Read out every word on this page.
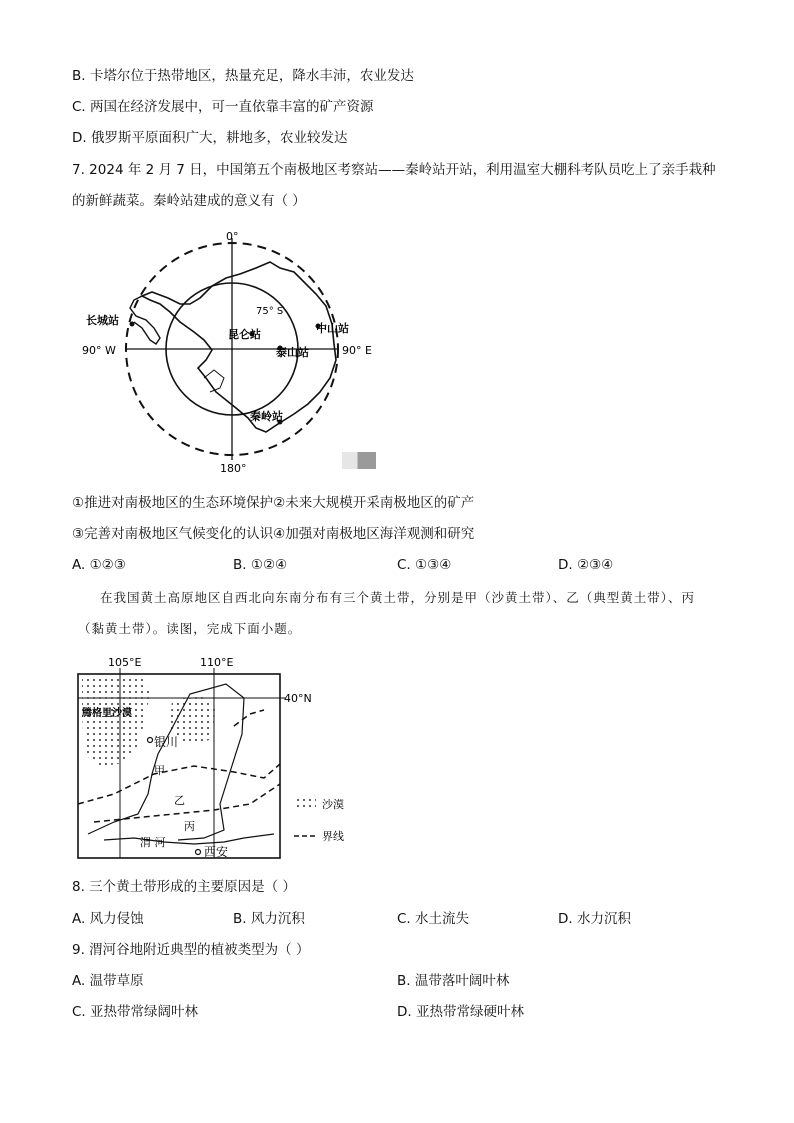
B. 卡塔尔位于热带地区，热量充足，降水丰沛，农业发达
C. 两国在经济发展中，可一直依靠丰富的矿产资源
D. 俄罗斯平原面积广大，耕地多，农业较发达
7. 2024 年 2 月 7 日，中国第五个南极地区考察站——秦岭站开站，利用温室大棚科考队员吃上了亲手栽种
的新鲜蔬菜。秦岭站建成的意义有（ ）
0°
180°
90° W	90° E
75° S
长城站
中山站
昆仑站
泰山站
秦岭站
①推进对南极地区的生态环境保护②未来大规模开采南极地区的矿产
③完善对南极地区气候变化的认识④加强对南极地区海洋观测和研究
A. ①②③	B. ①②④	C. ①③④	D. ②③④
在我国黄土高原地区自西北向东南分布有三个黄土带，分别是甲（沙黄土带）、乙（典型黄土带）、丙
（黏黄土带）。读图，完成下面小题。
105°E	110°E
40°N
腾格里沙漠
银川
甲
乙
丙
渭 河
西安
沙漠
界线
8. 三个黄土带形成的主要原因是（ ）
A. 风力侵蚀	B. 风力沉积	C. 水土流失	D. 水力沉积
9. 渭河谷地附近典型的植被类型为（ ）
A. 温带草原	B. 温带落叶阔叶林
C. 亚热带常绿阔叶林	D. 亚热带常绿硬叶林
